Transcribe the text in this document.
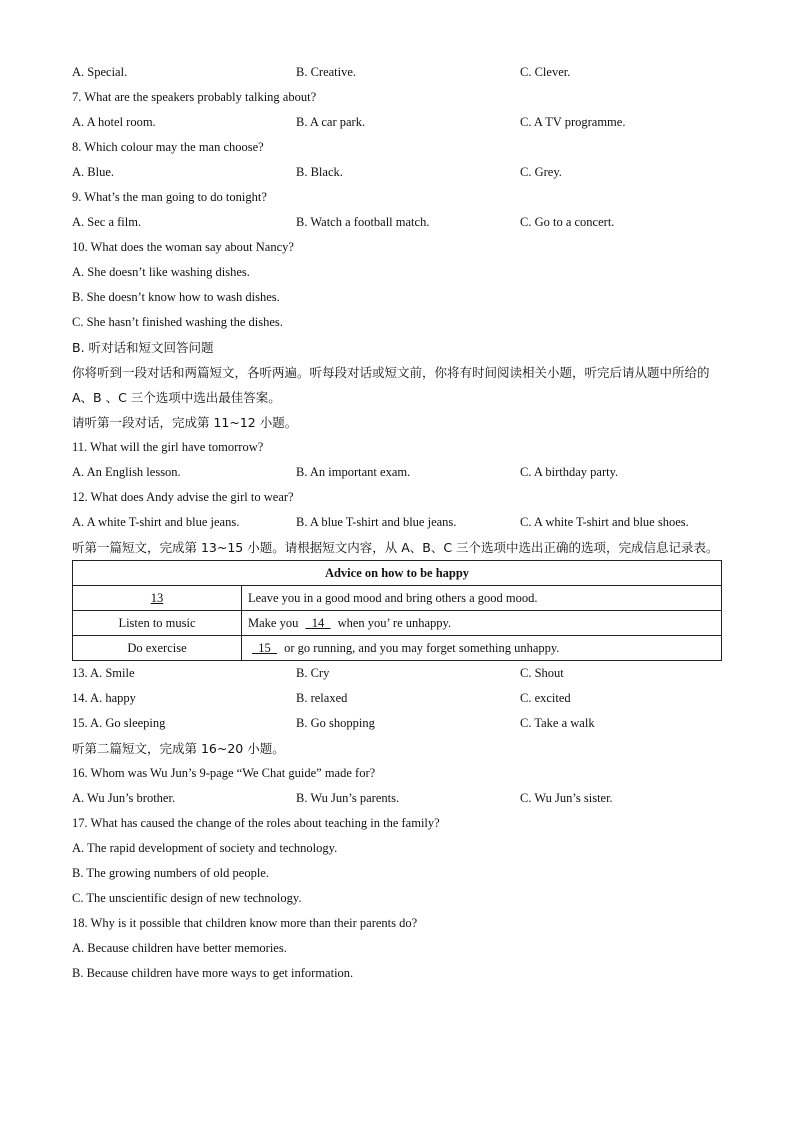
A. Special.	B. Creative.	C. Clever.
7. What are the speakers probably talking about?
A. A hotel room.	B. A car park.	C. A TV programme.
8. Which colour may the man choose?
A. Blue.	B. Black.	C. Grey.
9. What’s the man going to do tonight?
A. Sec a film.	B. Watch a football match.	C. Go to a concert.
10. What does the woman say about Nancy?
A. She doesn’t like washing dishes.
B. She doesn’t know how to wash dishes.
C. She hasn’t finished washing the dishes.
B. 听对话和短文回答问题
你将听到一段对话和两篇短文，各听两遍。听每段对话或短文前，你将有时间阅读相关小题，听完后请从题中所给的 A、B 、C 三个选项中选出最佳答案。
请听第一段对话，完成第 11~12 小题。
11. What will the girl have tomorrow?
A. An English lesson.	B. An important exam.	C. A birthday party.
12. What does Andy advise the girl to wear?
A. A white T-shirt and blue jeans.	B. A blue T-shirt and blue jeans.	C. A white T-shirt and blue shoes.
听第一篇短文，完成第 13~15 小题。请根据短文内容，从 A、B、C 三个选项中选出正确的选项，完成信息记录表。
Advice on how to be happy	
13	Leave you in a good mood and bring others a good mood.
Listen to music	Make you 14 when you’ re unhappy.
Do exercise	15 or go running, and you may forget something unhappy.
13. A. Smile	B. Cry	C. Shout
14. A. happy	B. relaxed	C. excited
15. A. Go sleeping	B. Go shopping	C. Take a walk
听第二篇短文，完成第 16~20 小题。
16. Whom was Wu Jun’s 9-page “We Chat guide” made for?
A. Wu Jun’s brother.	B. Wu Jun’s parents.	C. Wu Jun’s sister.
17. What has caused the change of the roles about teaching in the family?
A. The rapid development of society and technology.
B. The growing numbers of old people.
C. The unscientific design of new technology.
18. Why is it possible that children know more than their parents do?
A. Because children have better memories.
B. Because children have more ways to get information.
